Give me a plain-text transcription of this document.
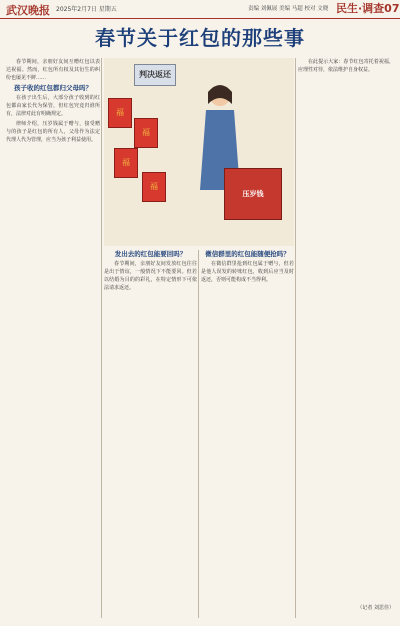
武汉晚报 2025年2月7日 星期五	责编 刘佩展 美编 马超 校对 文晓 民生·调查07
春节关于红包的那些事
判决返还
福
福
福
福
压岁钱

春节期间，亲朋好友间互赠红包以表达祝福。然而，红包所有权及其衍生的纠纷也屡见不鲜……

孩子收的红包都归父母吗？

在孩子出生后，大部分孩子收到的红包都由家长代为保管，但红包究竟归谁所有，法律对此有明确规定。

律师介绍，压岁钱属于赠与，接受赠与的孩子是红包的所有人，父母作为法定代理人代为管理，应当为孩子利益使用。

发出去的红包能要回吗？

春节期间，亲朋好友间发放红包往往是出于情谊，一般情况下不能要回。但若以结婚为目的的彩礼，在特定情形下可依法请求返还。

微信群里的红包能随便抢吗？

在微信群里抢到红包属于赠与，但若是他人误发的转账红包，收到后应当及时返还，否则可能构成不当得利。

在此提示大家：春节红包寄托着祝福，应理性对待，依法维护自身权益。

（记者 刘思佳）
